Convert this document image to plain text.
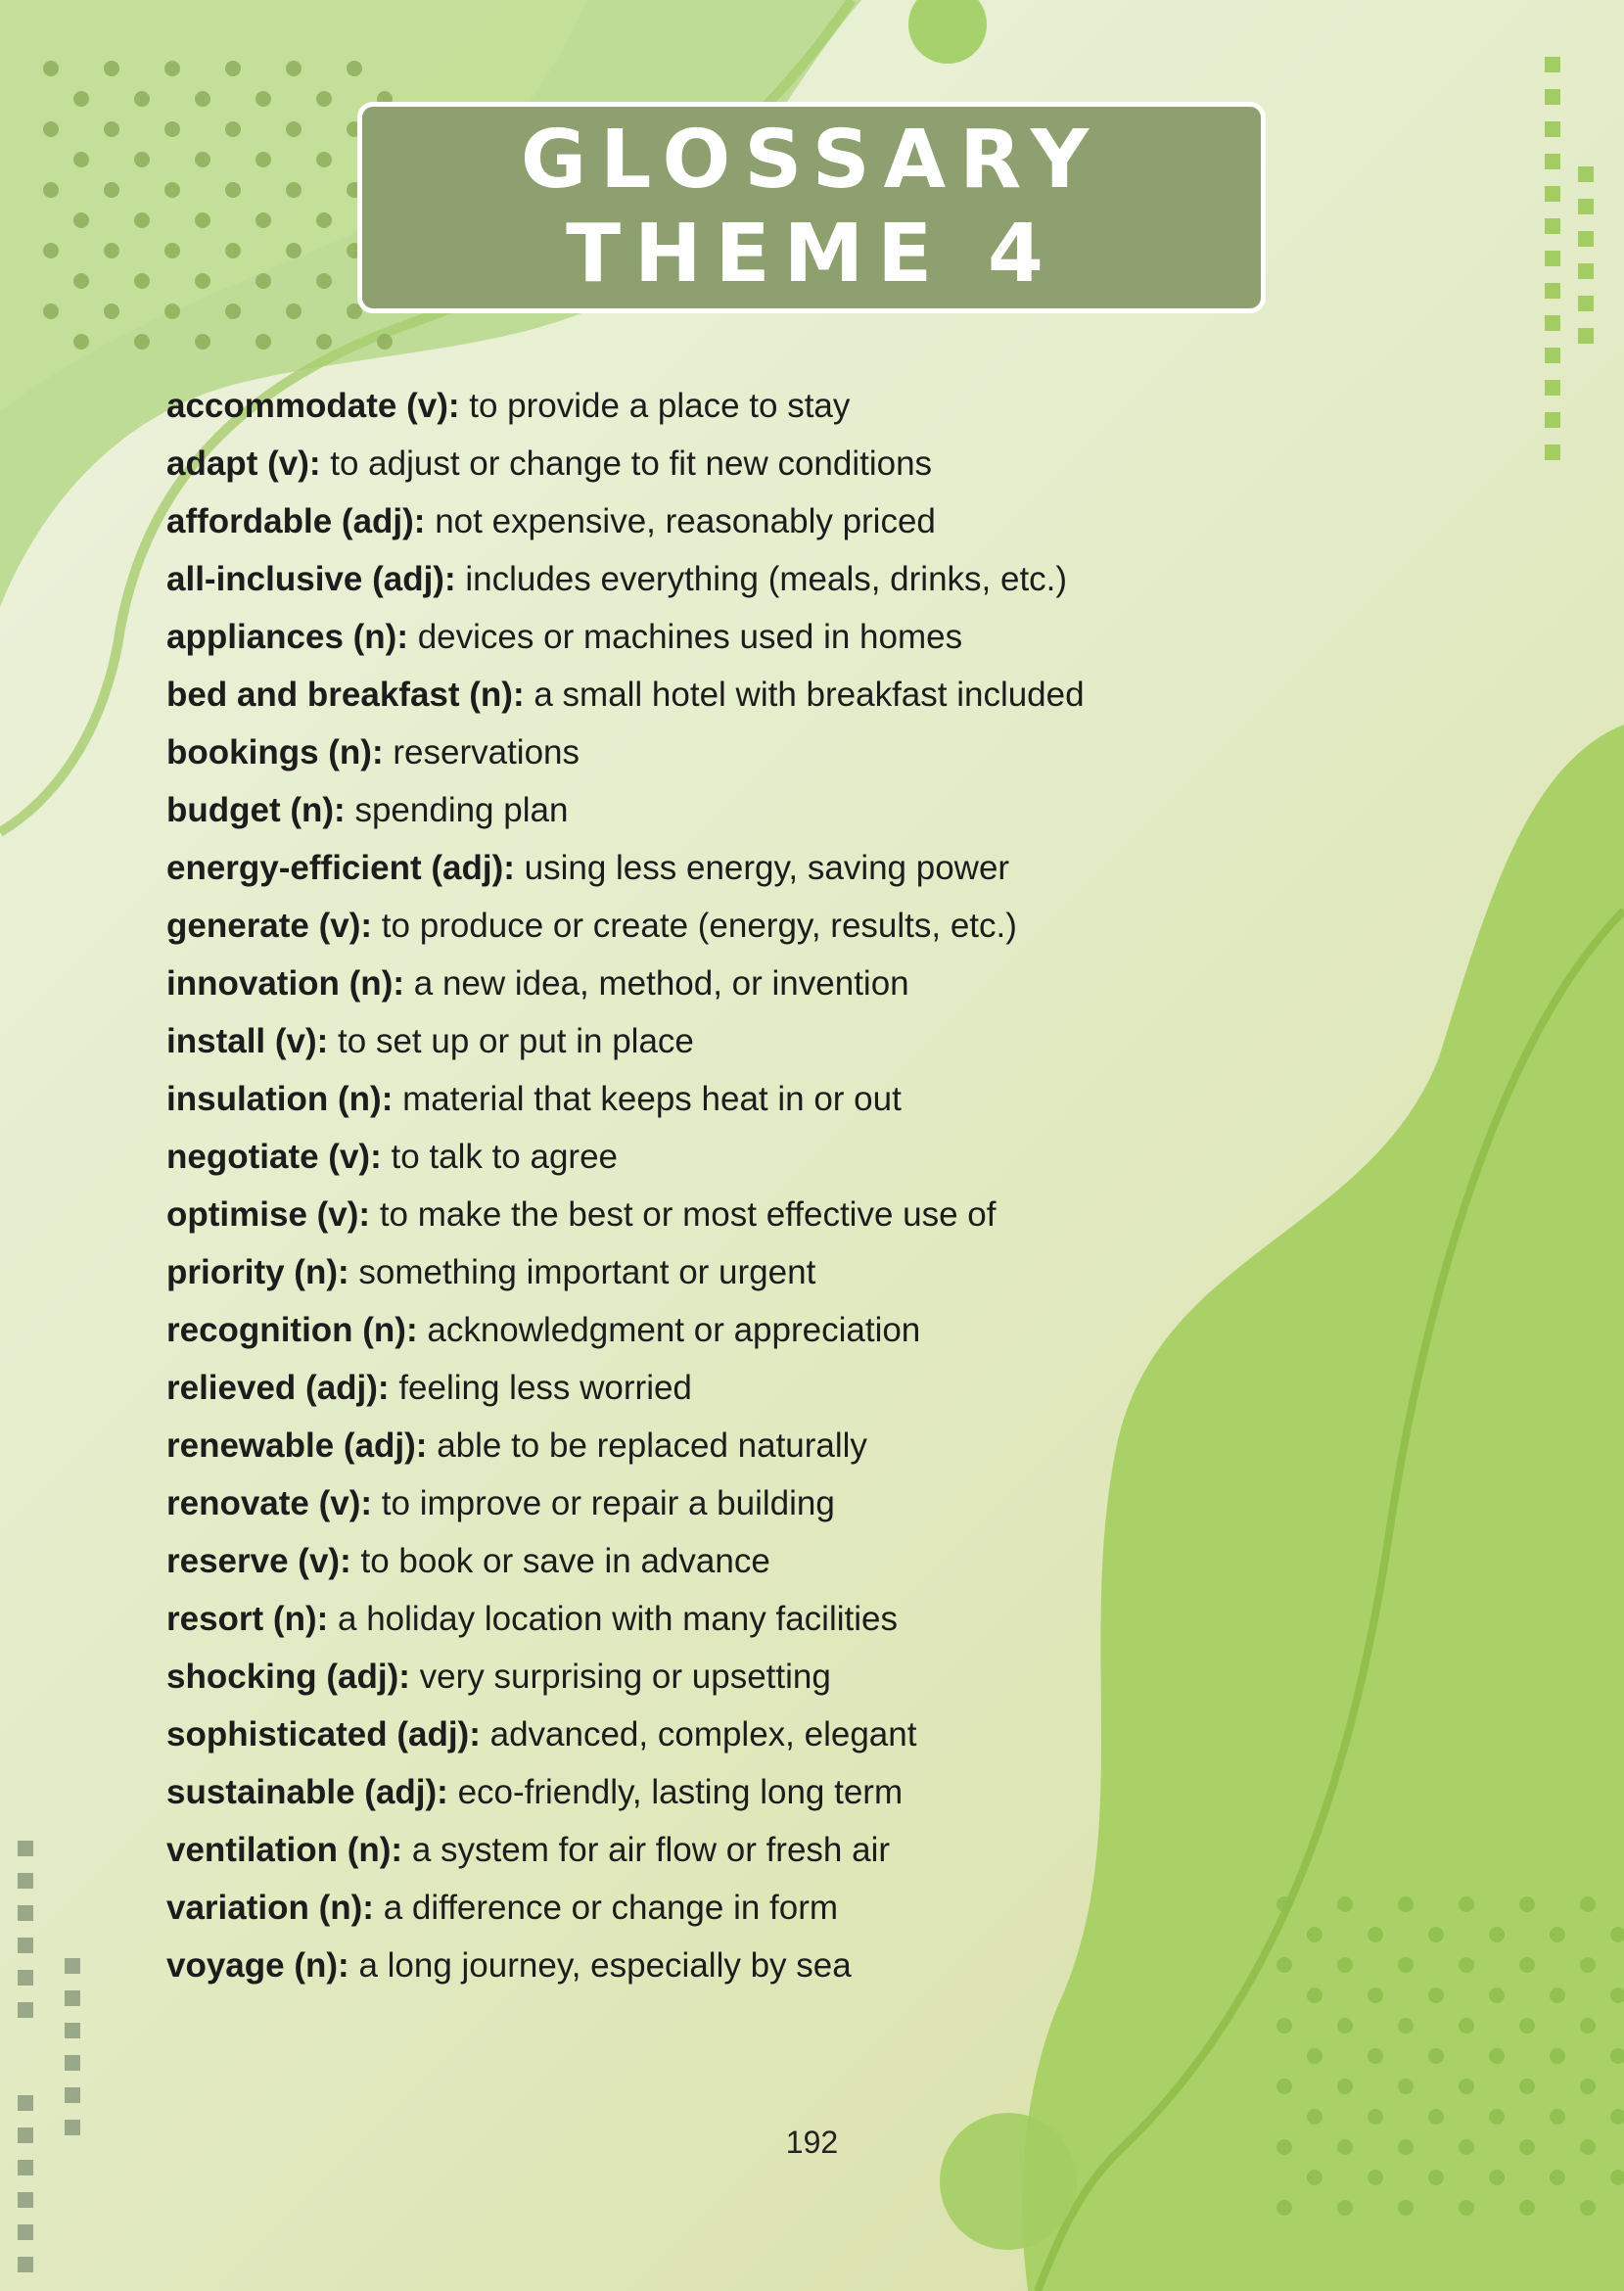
GLOSSARY
THEME 4
accommodate (v): to provide a place to stay
adapt (v): to adjust or change to fit new conditions
affordable (adj): not expensive, reasonably priced
all-inclusive (adj): includes everything (meals, drinks, etc.)
appliances (n): devices or machines used in homes
bed and breakfast (n): a small hotel with breakfast included
bookings (n): reservations
budget (n): spending plan
energy-efficient (adj): using less energy, saving power
generate (v): to produce or create (energy, results, etc.)
innovation (n): a new idea, method, or invention
install (v): to set up or put in place
insulation (n): material that keeps heat in or out
negotiate (v): to talk to agree
optimise (v): to make the best or most effective use of
priority (n): something important or urgent
recognition (n): acknowledgment or appreciation
relieved (adj): feeling less worried
renewable (adj): able to be replaced naturally
renovate (v): to improve or repair a building
reserve (v): to book or save in advance
resort (n): a holiday location with many facilities
shocking (adj): very surprising or upsetting
sophisticated (adj): advanced, complex, elegant
sustainable (adj): eco-friendly, lasting long term
ventilation (n): a system for air flow or fresh air
variation (n): a difference or change in form
voyage (n): a long journey, especially by sea
192
